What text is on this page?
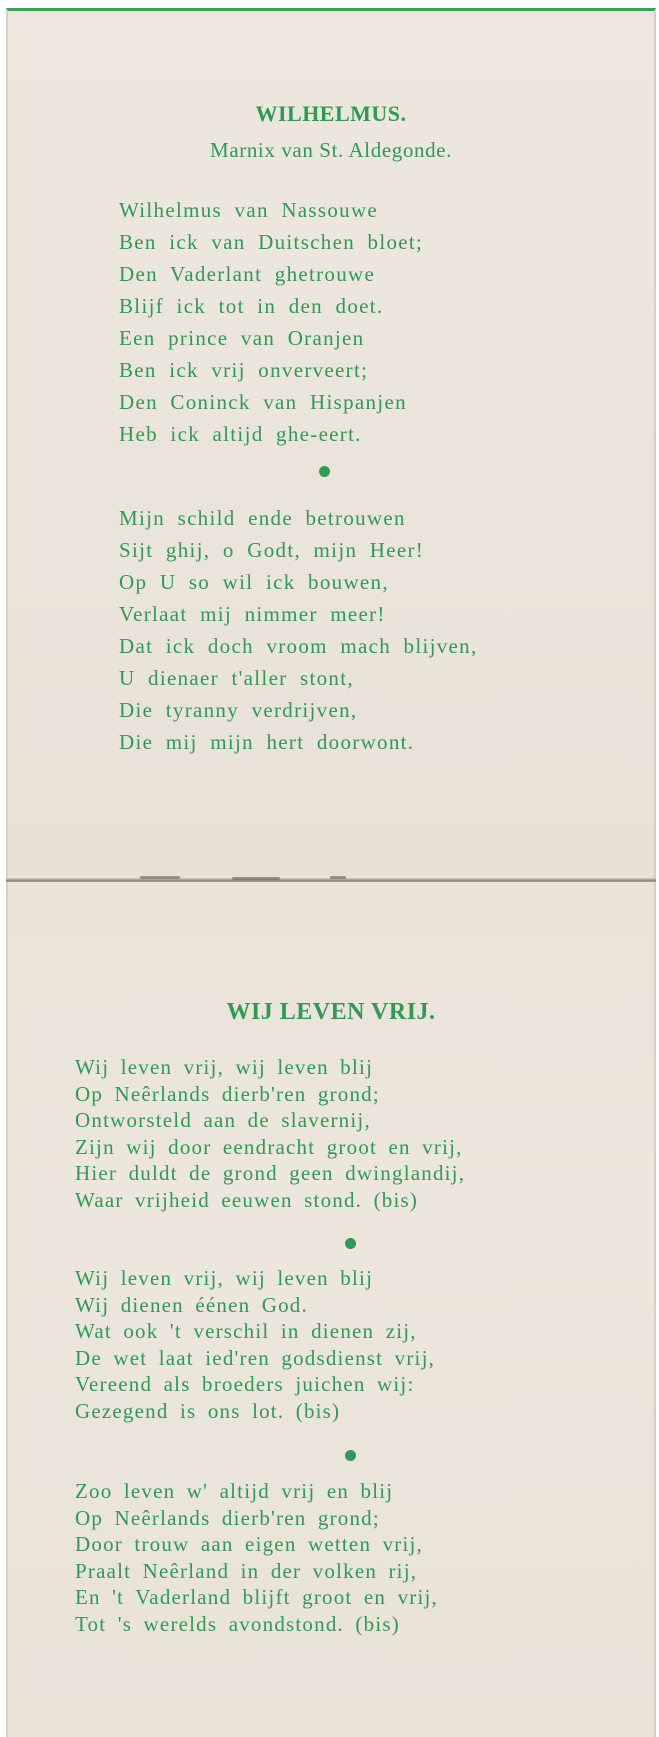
WILHELMUS.
Marnix van St. Aldegonde.
Wilhelmus van Nassouwe
Ben ick van Duitschen bloet;
Den Vaderlant ghetrouwe
Blijf ick tot in den doet.
Een prince van Oranjen
Ben ick vrij onverveert;
Den Coninck van Hispanjen
Heb ick altijd ghe-eert.
Mijn schild ende betrouwen
Sijt ghij, o Godt, mijn Heer!
Op U so wil ick bouwen,
Verlaat mij nimmer meer!
Dat ick doch vroom mach blijven,
U dienaer t'aller stont,
Die tyranny verdrijven,
Die mij mijn hert doorwont.
WIJ LEVEN VRIJ.
Wij leven vrij, wij leven blij
Op Neêrlands dierb'ren grond;
Ontworsteld aan de slavernij,
Zijn wij door eendracht groot en vrij,
Hier duldt de grond geen dwinglandij,
Waar vrijheid eeuwen stond. (bis)
Wij leven vrij, wij leven blij
Wij dienen éénen God.
Wat ook 't verschil in dienen zij,
De wet laat ied'ren godsdienst vrij,
Vereend als broeders juichen wij:
Gezegend is ons lot. (bis)
Zoo leven w' altijd vrij en blij
Op Neêrlands dierb'ren grond;
Door trouw aan eigen wetten vrij,
Praalt Neêrland in der volken rij,
En 't Vaderland blijft groot en vrij,
Tot 's werelds avondstond. (bis)
